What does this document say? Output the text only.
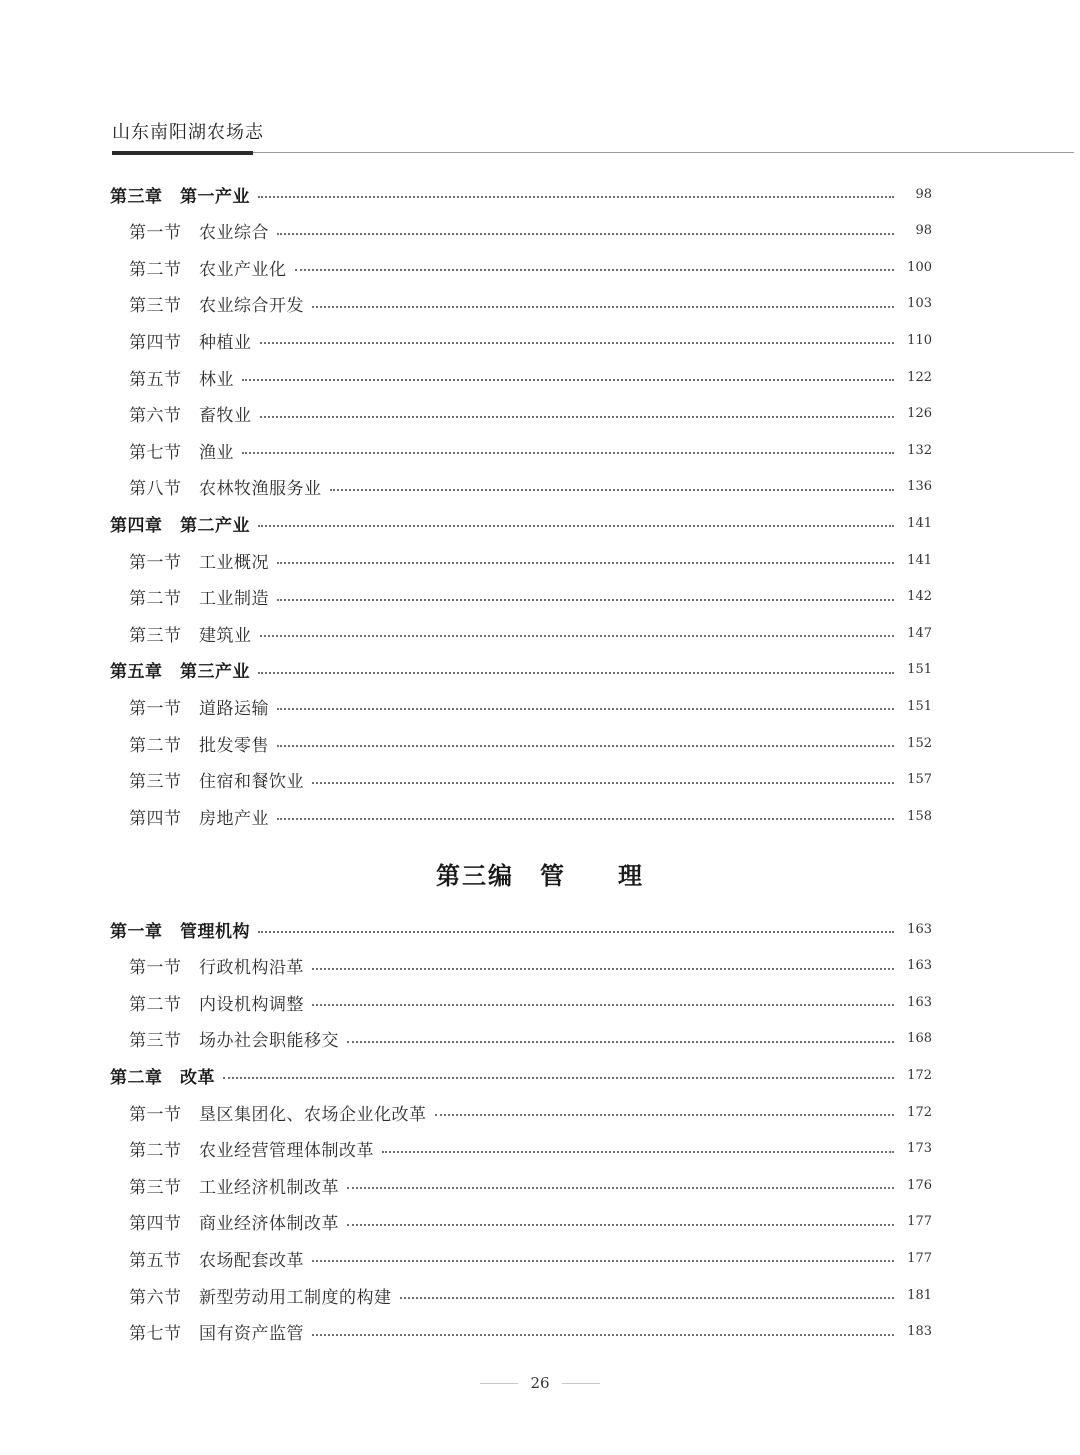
山东南阳湖农场志
第三章　第一产业	98
第一节　农业综合	98
第二节　农业产业化	100
第三节　农业综合开发	103
第四节　种植业	110
第五节　林业	122
第六节　畜牧业	126
第七节　渔业	132
第八节　农林牧渔服务业	136
第四章　第二产业	141
第一节　工业概况	141
第二节　工业制造	142
第三节　建筑业	147
第五章　第三产业	151
第一节　道路运输	151
第二节　批发零售	152
第三节　住宿和餐饮业	157
第四节　房地产业	158
第三编　管　　理
第一章　管理机构	163
第一节　行政机构沿革	163
第二节　内设机构调整	163
第三节　场办社会职能移交	168
第二章　改革	172
第一节　垦区集团化、农场企业化改革	172
第二节　农业经营管理体制改革	173
第三节　工业经济机制改革	176
第四节　商业经济体制改革	177
第五节　农场配套改革	177
第六节　新型劳动用工制度的构建	181
第七节　国有资产监管	183
26
